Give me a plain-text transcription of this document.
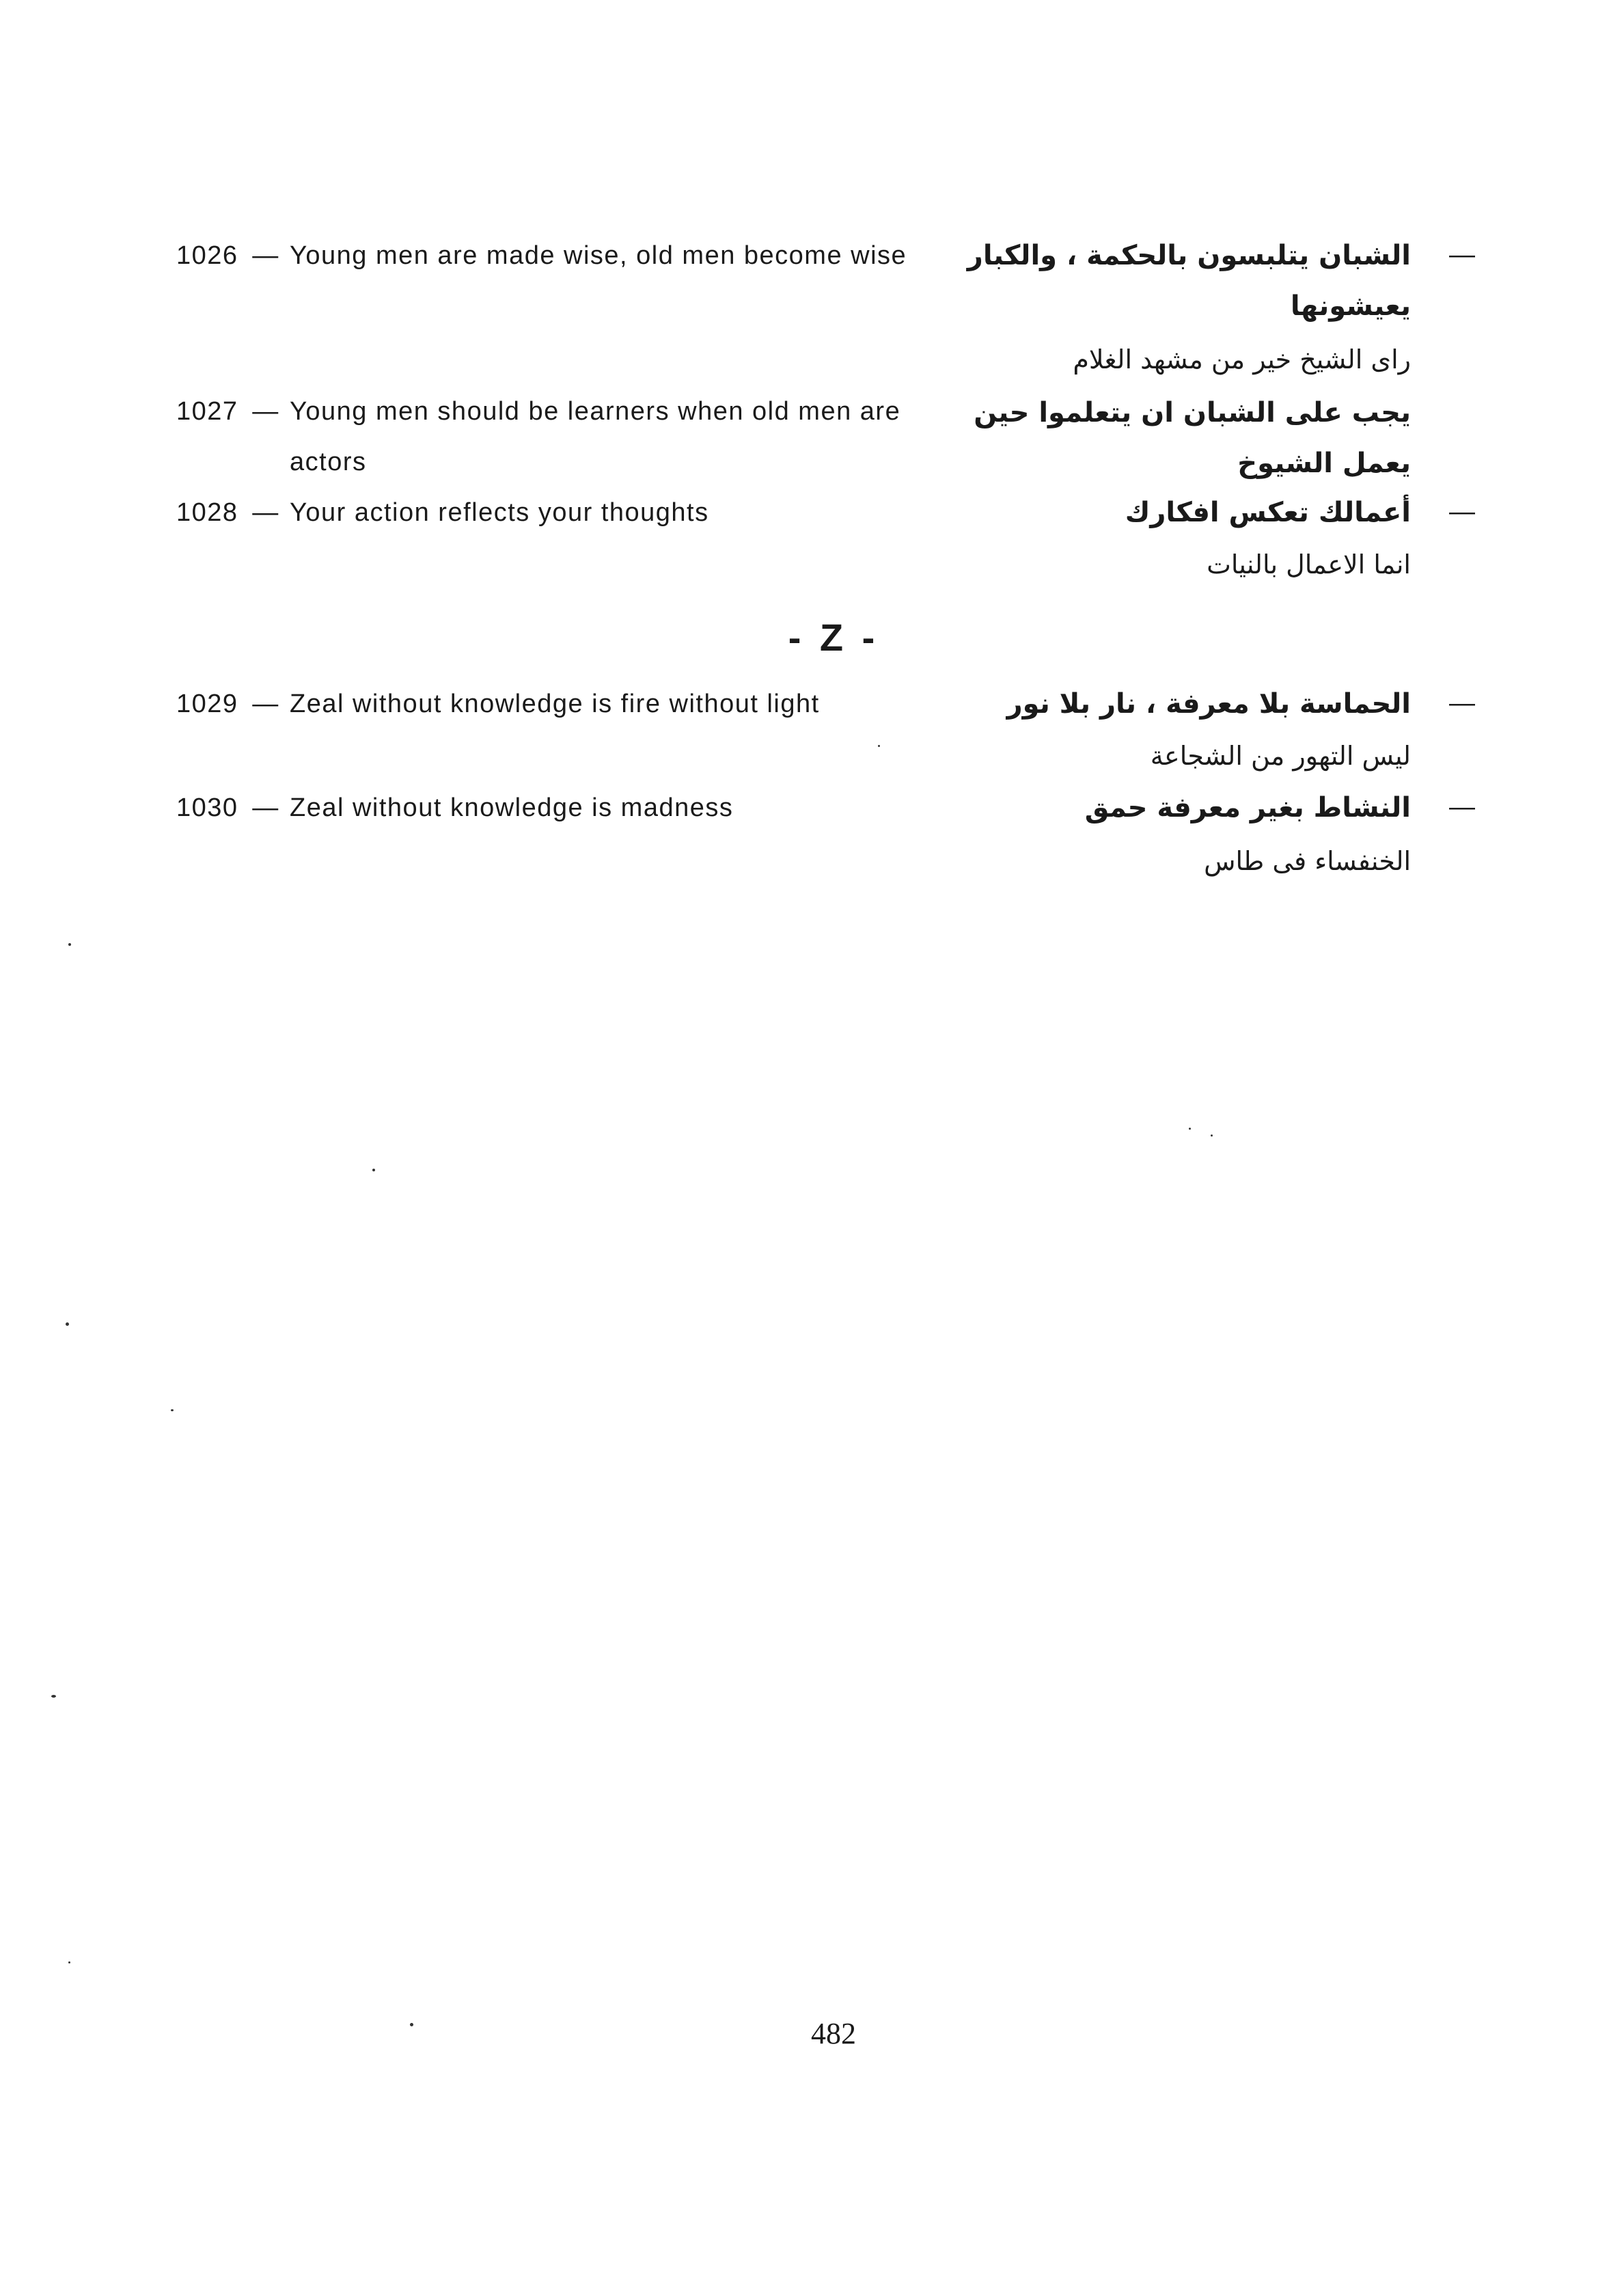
1026 — Young men are made wise, old men become wise	—
الشبان يتلبسون بالحكمة ، والكبار
يعيشونها
راى الشيخ خير من مشهد الغلام
1027 — Young men should be learners when old men are
actors
يجب على الشبان ان يتعلموا حين
يعمل الشيوخ
1028 — Your action reflects your thoughts	—
أعمالك تعكس افكارك
انما الاعمال بالنيات
- Z -
1029 — Zeal without knowledge is fire without light	—
الحماسة بلا معرفة ، نار بلا نور
ليس التهور من الشجاعة
1030 — Zeal without knowledge is madness	—
النشاط بغير معرفة حمق
الخنفساء فى طاس
482
